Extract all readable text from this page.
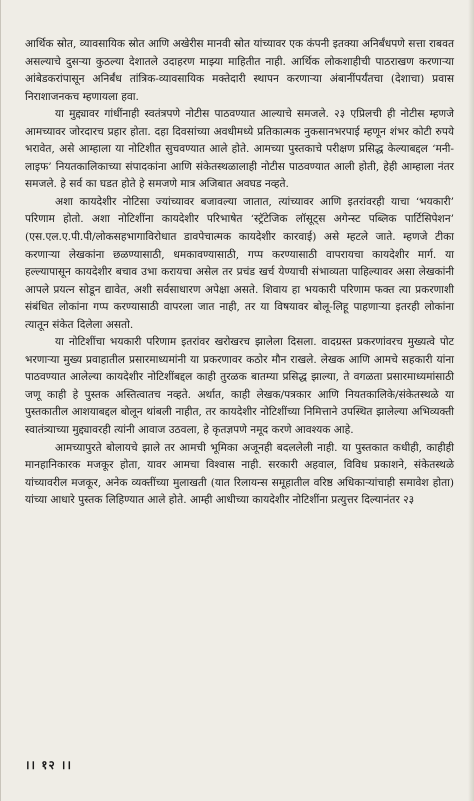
आर्थिक स्रोत, व्यावसायिक स्रोत आणि अखेरीस मानवी स्रोत यांच्यावर एक कंपनी इतक्या अनिर्बंधपणे सत्ता राबवत असल्याचे दुसऱ्या कुठल्या देशातले उदाहरण माझ्या माहितीत नाही. आर्थिक लोकशाहीची पाठराखण करणाऱ्या आंबेडकरांपासून अनिर्बंध तांत्रिक-व्यावसायिक मक्तेदारी स्थापन करणाऱ्या अंबानींपर्यंतचा (देशाचा) प्रवास निराशाजनकच म्हणायला हवा.

या मुद्द्यावर गांधींनाही स्वतंत्रपणे नोटीस पाठवण्यात आल्याचे समजले. २३ एप्रिलची ही नोटीस म्हणजे आमच्यावर जोरदारच प्रहार होता. दहा दिवसांच्या अवधीमध्ये प्रतिकात्मक नुकसानभरपाई म्हणून शंभर कोटी रुपये भरावेत, असे आम्हाला या नोटिशीत सुचवण्यात आले होते. आमच्या पुस्तकाचे परीक्षण प्रसिद्ध केल्याबद्दल ‘मनी-लाइफ’ नियतकालिकाच्या संपादकांना आणि संकेतस्थळालाही नोटीस पाठवण्यात आली होती, हेही आम्हाला नंतर समजले. हे सर्व का घडत होते हे समजणे मात्र अजिबात अवघड नव्हते.

अशा कायदेशीर नोटिसा ज्यांच्यावर बजावल्या जातात, त्यांच्यावर आणि इतरांवरही याचा ‘भयकारी’ परिणाम होतो. अशा नोटिशींना कायदेशीर परिभाषेत ‘स्ट्रॅटेजिक लॉसूट्स अगेन्स्ट पब्लिक पार्टिसिपेशन’ (एस.एल.ए.पी.पी/लोकसहभागाविरोधात डावपेचात्मक कायदेशीर कारवाई) असे म्हटले जाते. म्हणजे टीका करणाऱ्या लेखकांना छळण्यासाठी, धमकावण्यासाठी, गप्प करण्यासाठी वापरायचा कायदेशीर मार्ग. या हल्ल्यापासून कायदेशीर बचाव उभा करायचा असेल तर प्रचंड खर्च येण्याची संभाव्यता पाहिल्यावर असा लेखकांनी आपले प्रयत्न सोडून द्यावेत, अशी सर्वसाधारण अपेक्षा असते. शिवाय हा भयकारी परिणाम फक्त त्या प्रकरणाशी संबंधित लोकांना गप्प करण्यासाठी वापरला जात नाही, तर या विषयावर बोलू-लिहू पाहणाऱ्या इतरही लोकांना त्यातून संकेत दिलेला असतो.

या नोटिशींचा भयकारी परिणाम इतरांवर खरोखरच झालेला दिसला. वादग्रस्त प्रकरणांवरच मुख्यत्वे पोट भरणाऱ्या मुख्य प्रवाहातील प्रसारमाध्यमांनी या प्रकरणावर कठोर मौन राखले. लेखक आणि आमचे सहकारी यांना पाठवण्यात आलेल्या कायदेशीर नोटिशींबद्दल काही तुरळक बातम्या प्रसिद्ध झाल्या, ते वगळता प्रसारमाध्यमांसाठी जणू काही हे पुस्तक अस्तित्वातच नव्हते. अर्थात, काही लेखक/पत्रकार आणि नियतकालिके/संकेतस्थळे या पुस्तकातील आशयाबद्दल बोलून थांबली नाहीत, तर कायदेशीर नोटिशींच्या निमित्ताने उपस्थित झालेल्या अभिव्यक्ती स्वातंत्र्याच्या मुद्द्यावरही त्यांनी आवाज उठवला, हे कृतज्ञपणे नमूद करणे आवश्यक आहे.

आमच्यापुरते बोलायचे झाले तर आमची भूमिका अजूनही बदललेली नाही. या पुस्तकात कधीही, काहीही मानहानिकारक मजकूर होता, यावर आमचा विश्वास नाही. सरकारी अहवाल, विविध प्रकाशने, संकेतस्थळे यांच्यावरील मजकूर, अनेक व्यक्तींच्या मुलाखती (यात रिलायन्स समूहातील वरिष्ठ अधिकाऱ्यांचाही समावेश होता) यांच्या आधारे पुस्तक लिहिण्यात आले होते. आम्ही आधीच्या कायदेशीर नोटिशींना प्रत्युत्तर दिल्यानंतर २३

।। १२ ।।
